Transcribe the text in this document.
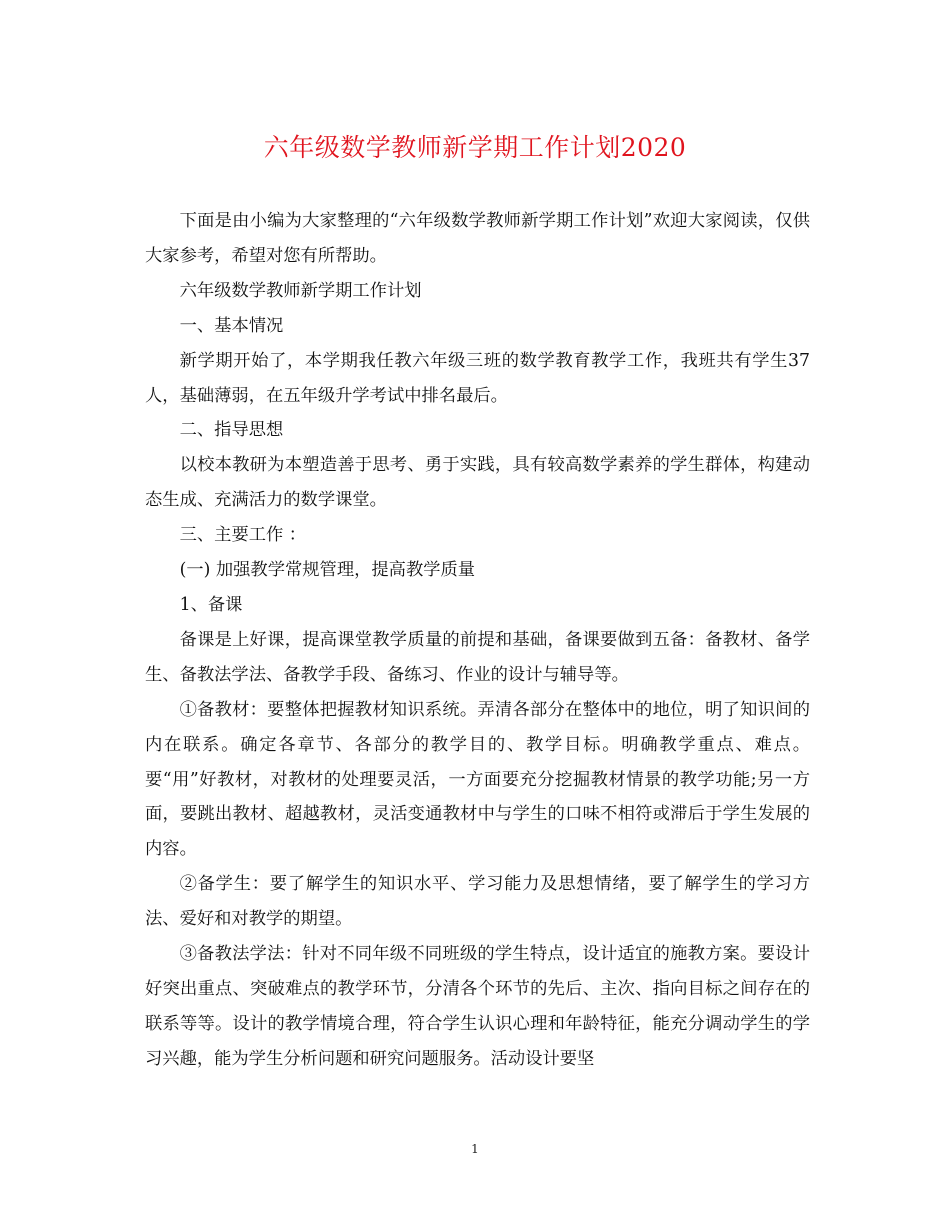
六年级数学教师新学期工作计划2020

下面是由小编为大家整理的“六年级数学教师新学期工作计划”欢迎大家阅读，仅供大家参考，希望对您有所帮助。

六年级数学教师新学期工作计划

一、基本情况

新学期开始了，本学期我任教六年级三班的数学教育教学工作，我班共有学生37人，基础薄弱，在五年级升学考试中排名最后。

二、指导思想

以校本教研为本塑造善于思考、勇于实践，具有较高数学素养的学生群体，构建动态生成、充满活力的数学课堂。

三、主要工作 ：

(一) 加强教学常规管理，提高教学质量

1、备课

备课是上好课，提高课堂教学质量的前提和基础，备课要做到五备：备教材、备学生、备教法学法、备教学手段、备练习、作业的设计与辅导等。

①备教材：要整体把握教材知识系统。弄清各部分在整体中的地位，明了知识间的内在联系。确定各章节、各部分的教学目的、教学目标。明确教学重点、难点。要“用”好教材，对教材的处理要灵活，一方面要充分挖掘教材情景的教学功能;另一方面，要跳出教材、超越教材，灵活变通教材中与学生的口味不相符或滞后于学生发展的内容。

②备学生：要了解学生的知识水平、学习能力及思想情绪，要了解学生的学习方法、爱好和对教学的期望。

③备教法学法：针对不同年级不同班级的学生特点，设计适宜的施教方案。要设计好突出重点、突破难点的教学环节，分清各个环节的先后、主次、指向目标之间存在的联系等等。设计的教学情境合理，符合学生认识心理和年龄特征，能充分调动学生的学习兴趣，能为学生分析问题和研究问题服务。活动设计要坚

1
